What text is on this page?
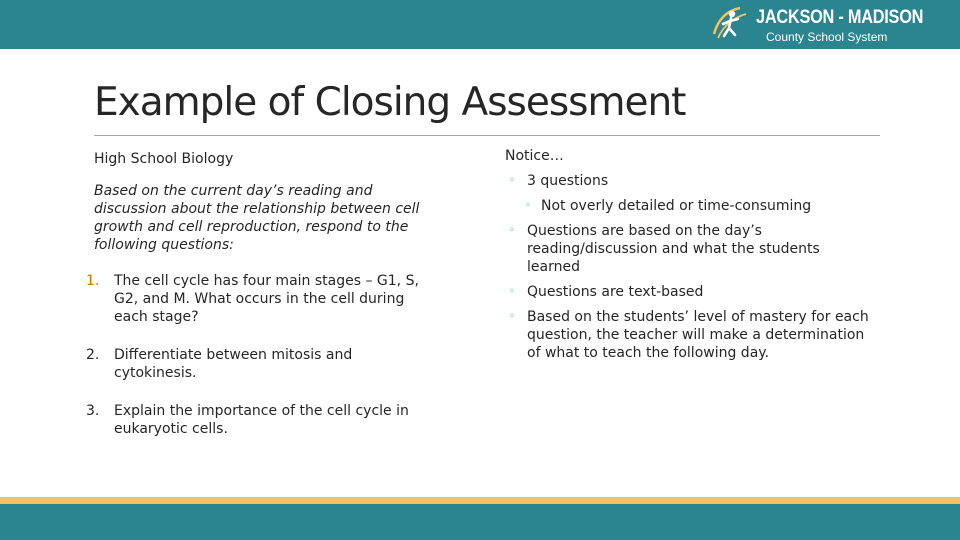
JACKSON - MADISON
County School System
Example of Closing Assessment

High School Biology

Based on the current day’s reading and discussion about the relationship between cell growth and cell reproduction, respond to the following questions:

1. The cell cycle has four main stages – G1, S, G2, and M. What occurs in the cell during each stage?
2. Differentiate between mitosis and cytokinesis.
3. Explain the importance of the cell cycle in eukaryotic cells.

Notice…

◦ 3 questions
◦ Not overly detailed or time-consuming
◦ Questions are based on the day’s reading/discussion and what the students learned
◦ Questions are text-based
◦ Based on the students’ level of mastery for each question, the teacher will make a determination of what to teach the following day.
